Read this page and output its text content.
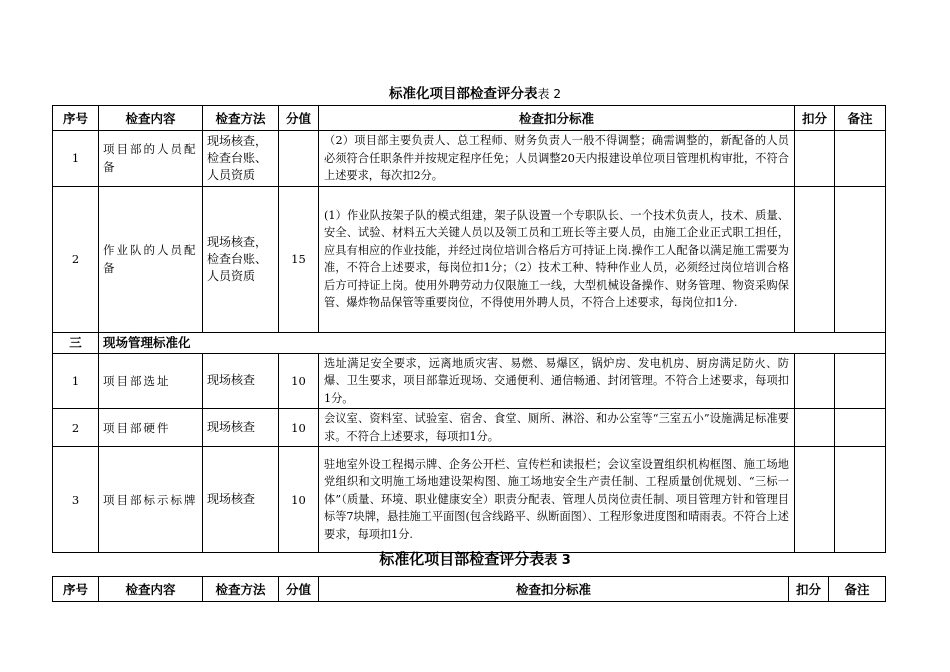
标准化项目部检查评分表表 2
序号	检查内容	检查方法	分值	检查扣分标准	扣分	备注
1	项目部的人员配备	现场核查，检查台账、人员资质		（2）项目部主要负责人、总工程师、财务负责人一般不得调整；确需调整的，新配备的人员必须符合任职条件并按规定程序任免；人员调整20天内报建设单位项目管理机构审批，不符合上述要求，每次扣2分。		
2	作业队的人员配备	现场核查，检查台账、人员资质	15	(1）作业队按架子队的模式组建，架子队设置一个专职队长、一个技术负责人，技术、质量、安全、试验、材料五大关键人员以及领工员和工班长等主要人员，由施工企业正式职工担任，应具有相应的作业技能，并经过岗位培训合格后方可持证上岗.操作工人配备以满足施工需要为准，不符合上述要求，每岗位扣1分；（2）技术工种、特种作业人员，必须经过岗位培训合格后方可持证上岗。使用外聘劳动力仅限施工一线，大型机械设备操作、财务管理、物资采购保管、爆炸物品保管等重要岗位，不得使用外聘人员，不符合上述要求，每岗位扣1分.		
三	现场管理标准化					
1	项目部选址	现场核查	10	选址满足安全要求，远离地质灾害、易燃、易爆区，锅炉房、发电机房、厨房满足防火、防爆、卫生要求，项目部靠近现场、交通便利、通信畅通、封闭管理。不符合上述要求，每项扣1分。		
2	项目部硬件	现场核查	10	会议室、资料室、试验室、宿舍、食堂、厕所、淋浴、和办公室等“三室五小”设施满足标准要求。不符合上述要求，每项扣1分。		
3	项目部标示标牌	现场核查	10	驻地室外设工程揭示牌、企务公开栏、宣传栏和读报栏；会议室设置组织机构框图、施工场地党组织和文明施工场地建设架构图、施工场地安全生产责任制、工程质量创优规划、“三标一体”（质量、环境、职业健康安全）职责分配表、管理人员岗位责任制、项目管理方针和管理目标等7块牌，悬挂施工平面图(包含线路平、纵断面图）、工程形象进度图和晴雨表。不符合上述要求，每项扣1分.		
标准化项目部检查评分表表 3
序号	检查内容	检查方法	分值	检查扣分标准	扣分	备注
